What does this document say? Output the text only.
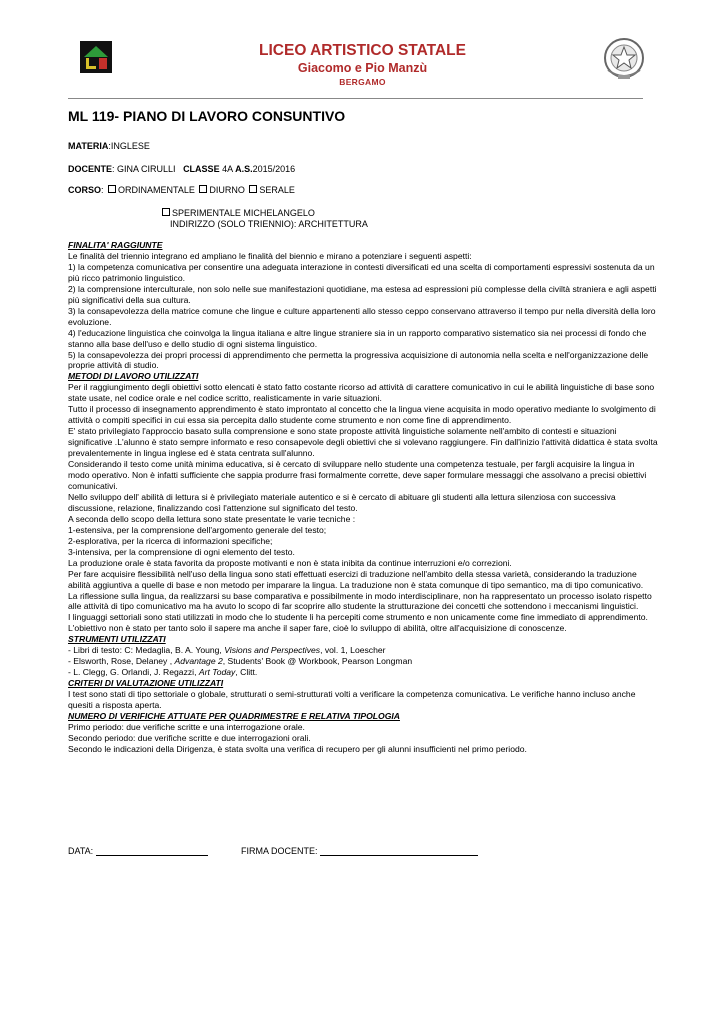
LICEO ARTISTICO STATALE
Giacomo e Pio Manzù
BERGAMO
ML 119- PIANO DI LAVORO CONSUNTIVO
MATERIA:INGLESE
DOCENTE: GINA CIRULLI CLASSE 4A A.S.2015/2016
CORSO: ORDINAMENTALE DIURNO SERALE
SPERIMENTALE MICHELANGELO
INDIRIZZO (SOLO TRIENNIO): ARCHITETTURA
FINALITA' RAGGIUNTE

Le finalità del triennio integrano ed ampliano le finalità del biennio e mirano a potenziare i seguenti aspetti:

1) la competenza comunicativa per consentire una adeguata interazione in contesti diversificati ed una scelta di comportamenti espressivi sostenuta da un più ricco patrimonio linguistico.

2) la comprensione interculturale, non solo nelle sue manifestazioni quotidiane, ma estesa ad espressioni più complesse della civiltà straniera e agli aspetti più significativi della sua cultura.

3) la consapevolezza della matrice comune che lingue e culture appartenenti allo stesso ceppo conservano attraverso il tempo pur nella diversità della loro evoluzione.

4) l'educazione linguistica che coinvolga la lingua italiana e altre lingue straniere sia in un rapporto comparativo sistematico sia nei processi di fondo che stanno alla base dell'uso e dello studio di ogni sistema linguistico.

5) la consapevolezza dei propri processi di apprendimento che permetta la progressiva acquisizione di autonomia nella scelta e nell'organizzazione delle proprie attività di studio.

METODI DI LAVORO UTILIZZATI

Per il raggiungimento degli obiettivi sotto elencati è stato fatto costante ricorso ad attività di carattere comunicativo in cui le abilità linguistiche di base sono state usate, nel codice orale e nel codice scritto, realisticamente in varie situazioni.

Tutto il processo di insegnamento apprendimento è stato improntato al concetto che la lingua viene acquisita in modo operativo mediante lo svolgimento di attività o compiti specifici in cui essa sia percepita dallo studente come strumento e non come fine di apprendimento.

E' stato privilegiato l'approccio basato sulla comprensione e sono state proposte attività linguistiche solamente nell'ambito di contesti e situazioni significative .L'alunno è stato sempre informato e reso consapevole degli obiettivi che si volevano raggiungere. Fin dall'inizio l'attività didattica è stata svolta prevalentemente in lingua inglese ed è stata centrata sull'alunno.

Considerando il testo come unità minima educativa, si è cercato di sviluppare nello studente una competenza testuale, per fargli acquisire la lingua in modo operativo. Non è infatti sufficiente che sappia produrre frasi formalmente corrette, deve saper formulare messaggi che assolvano a precisi obiettivi comunicativi.

Nello sviluppo dell' abilità di lettura si è privilegiato materiale autentico e si è cercato di abituare gli studenti alla lettura silenziosa con successiva discussione, relazione, finalizzando così l'attenzione sul significato del testo.

A seconda dello scopo della lettura sono state presentate le varie tecniche :

1-estensiva, per la comprensione dell'argomento generale del testo;

2-esplorativa, per la ricerca di informazioni specifiche;

3-intensiva, per la comprensione di ogni elemento del testo.

La produzione orale è stata favorita da proposte motivanti e non è stata inibita da continue interruzioni e/o correzioni.

Per fare acquisire flessibilità nell'uso della lingua sono stati effettuati esercizi di traduzione nell'ambito della stessa varietà, considerando la traduzione abilità aggiuntiva a quelle di base e non metodo per imparare la lingua. La traduzione non è stata comunque di tipo semantico, ma di tipo comunicativo.

La riflessione sulla lingua, da realizzarsi su base comparativa e possibilmente in modo interdisciplinare, non ha rappresentato un processo isolato rispetto alle attività di tipo comunicativo ma ha avuto lo scopo di far scoprire allo studente la strutturazione dei concetti che sottendono i meccanismi linguistici.

I linguaggi settoriali sono stati utilizzati in modo che lo studente li ha percepiti come strumento e non unicamente come fine immediato di apprendimento.

L'obiettivo non è stato per tanto solo il sapere ma anche il saper fare, cioè lo sviluppo di abilità, oltre all'acquisizione di conoscenze.

STRUMENTI UTILIZZATI

- Libri di testo: C: Medaglia, B. A. Young, Visions and Perspectives, vol. 1, Loescher

- Elsworth, Rose, Delaney , Advantage 2, Students' Book @ Workbook, Pearson Longman

- L. Clegg, G. Orlandi, J. Regazzi, Art Today, Clitt.

CRITERI DI VALUTAZIONE UTILIZZATI

I test sono stati di tipo settoriale o globale, strutturati o semi-strutturati volti a verificare la competenza comunicativa. Le verifiche hanno incluso anche quesiti a risposta aperta.

NUMERO DI VERIFICHE ATTUATE PER QUADRIMESTRE E RELATIVA TIPOLOGIA

Primo periodo: due verifiche scritte e una interrogazione orale.

Secondo periodo: due verifiche scritte e due interrogazioni orali.

Secondo le indicazioni della Dirigenza, è stata svolta una verifica di recupero per gli alunni insufficienti nel primo periodo.

DATA:	FIRMA DOCENTE:
